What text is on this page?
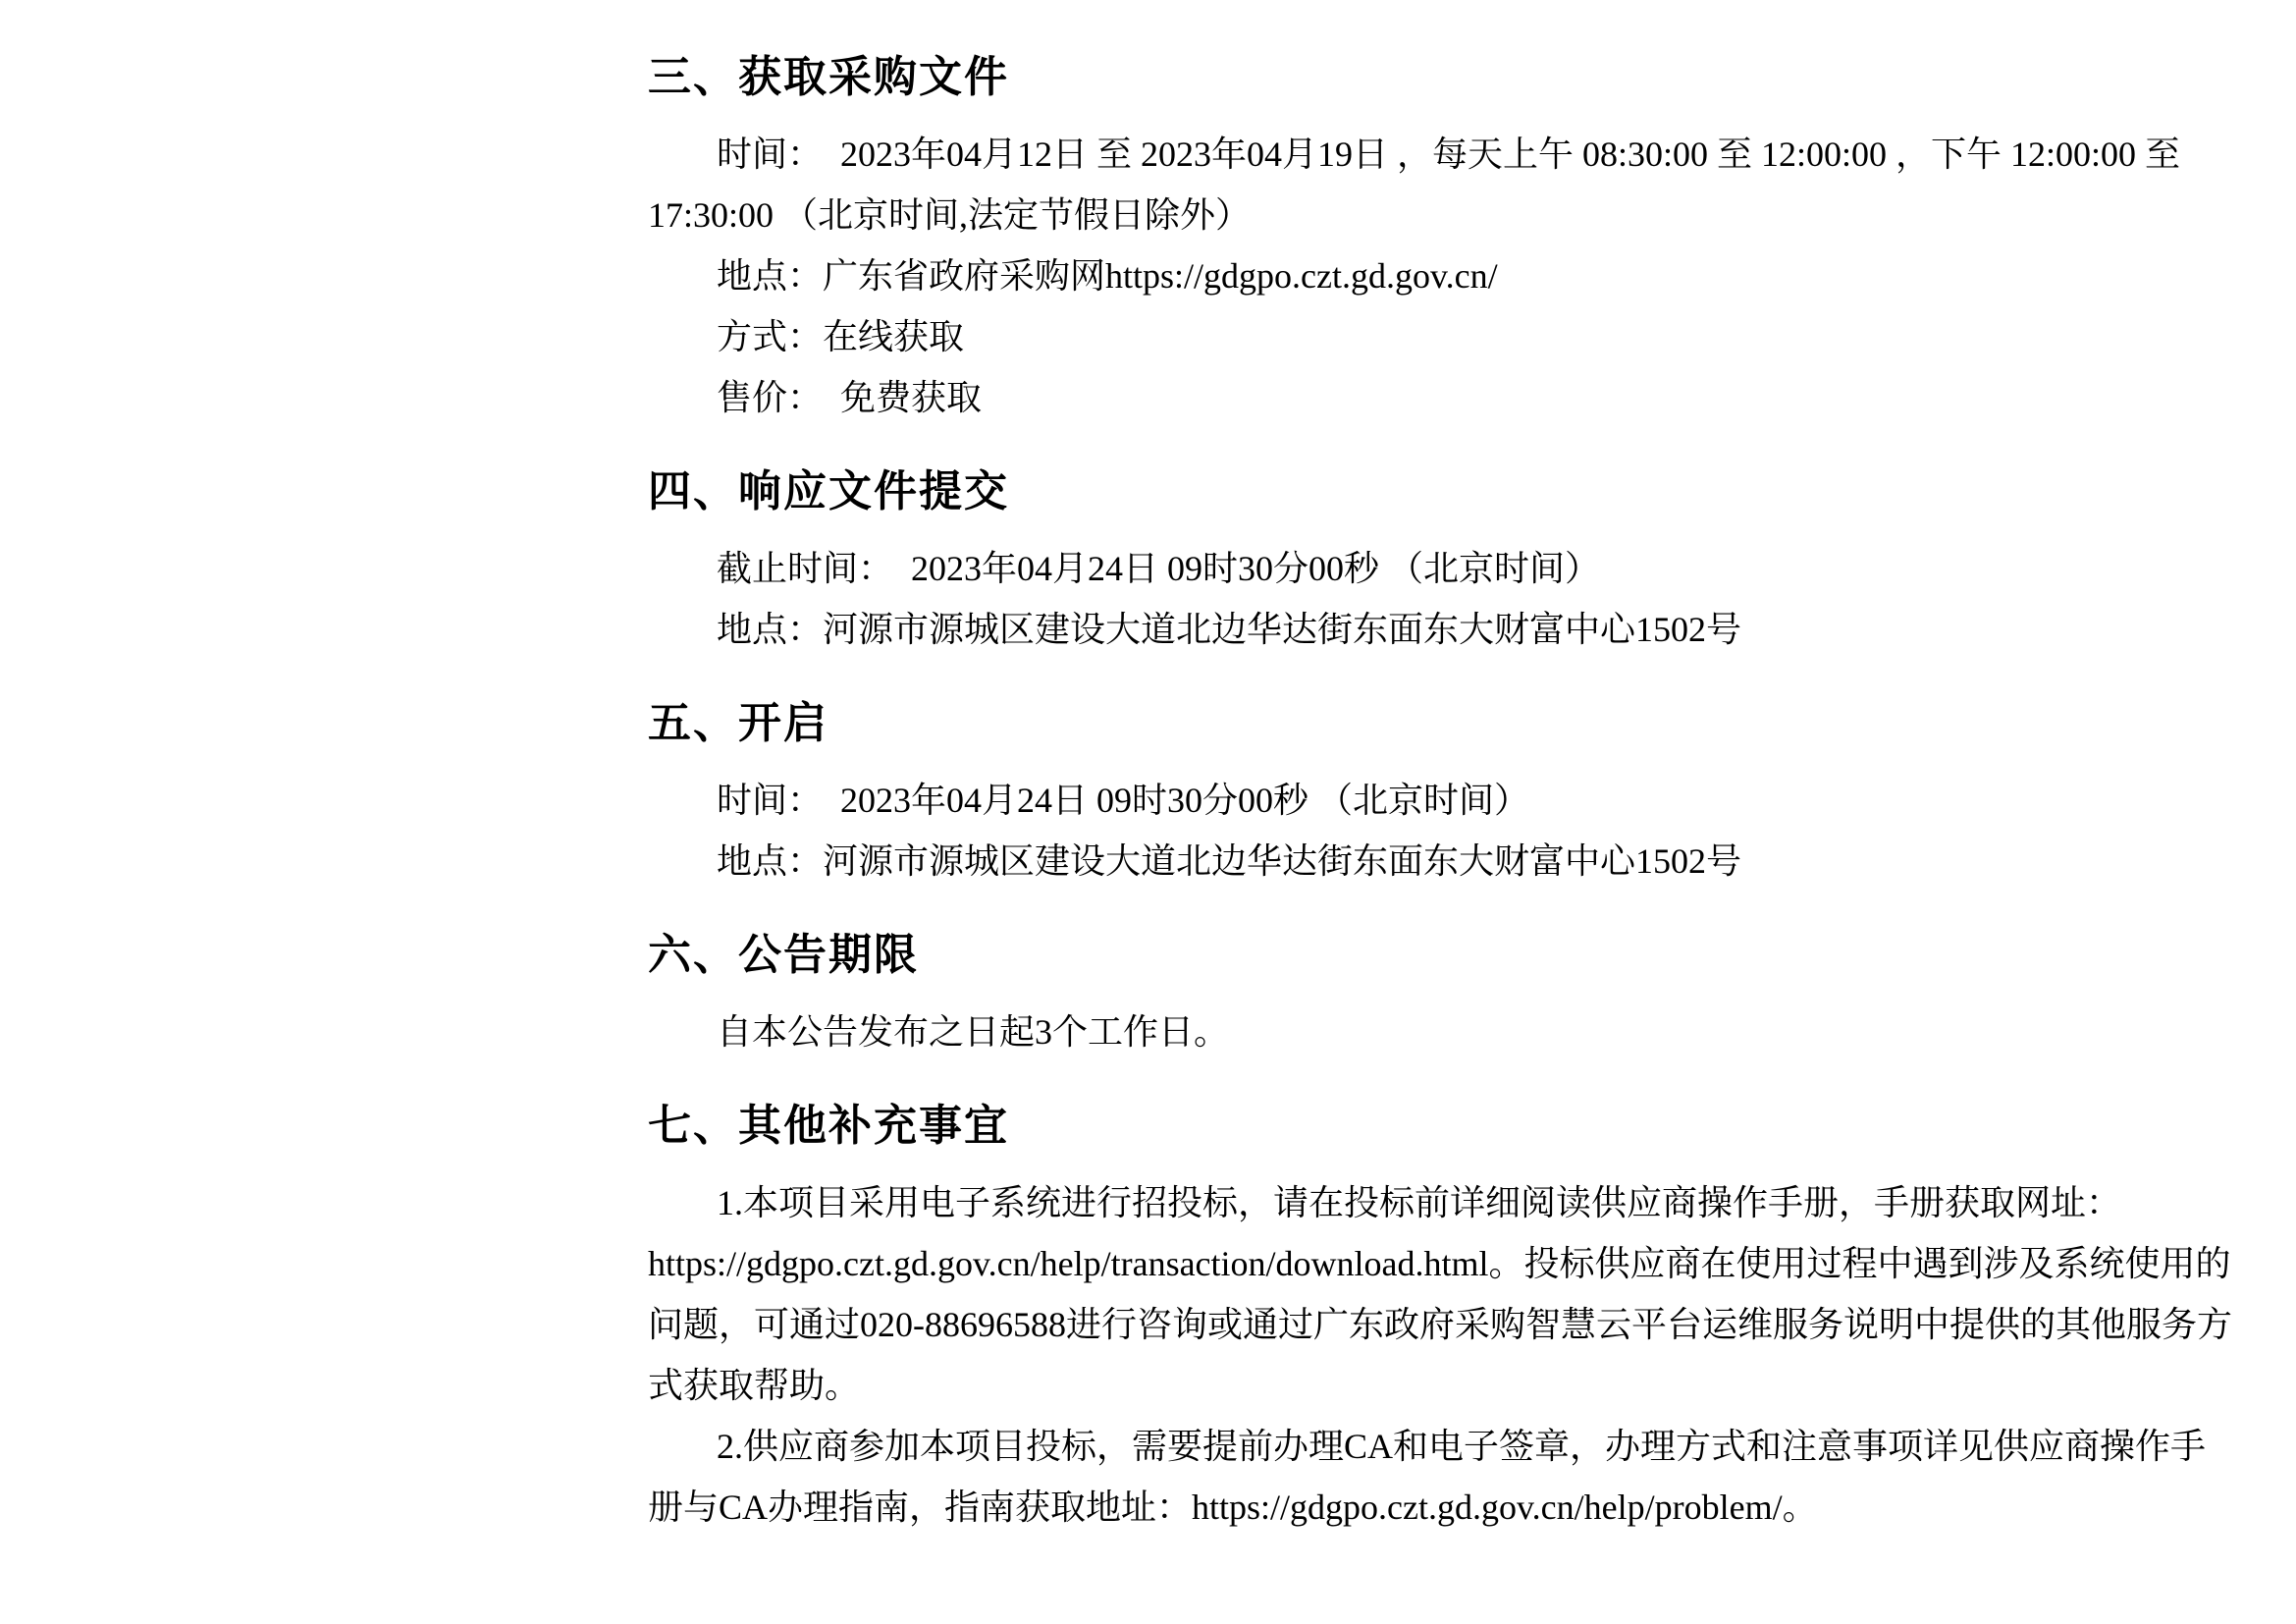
三、获取采购文件

时间：  2023年04月12日 至 2023年04月19日 ，每天上午 08:30:00 至 12:00:00 ，下午 12:00:00 至 17:30:00 （北京时间,法定节假日除外）

地点：广东省政府采购网https://gdgpo.czt.gd.gov.cn/

方式：在线获取

售价：  免费获取

四、响应文件提交

截止时间：  2023年04月24日 09时30分00秒 （北京时间）

地点：河源市源城区建设大道北边华达街东面东大财富中心1502号

五、开启

时间：  2023年04月24日 09时30分00秒 （北京时间）

地点：河源市源城区建设大道北边华达街东面东大财富中心1502号

六、公告期限

自本公告发布之日起3个工作日。

七、其他补充事宜

1.本项目采用电子系统进行招投标，请在投标前详细阅读供应商操作手册，手册获取网址：https://gdgpo.czt.gd.gov.cn/help/transaction/download.html。投标供应商在使用过程中遇到涉及系统使用的问题，可通过020-88696588进行咨询或通过广东政府采购智慧云平台运维服务说明中提供的其他服务方式获取帮助。

2.供应商参加本项目投标，需要提前办理CA和电子签章，办理方式和注意事项详见供应商操作手册与CA办理指南，指南获取地址：https://gdgpo.czt.gd.gov.cn/help/problem/。
